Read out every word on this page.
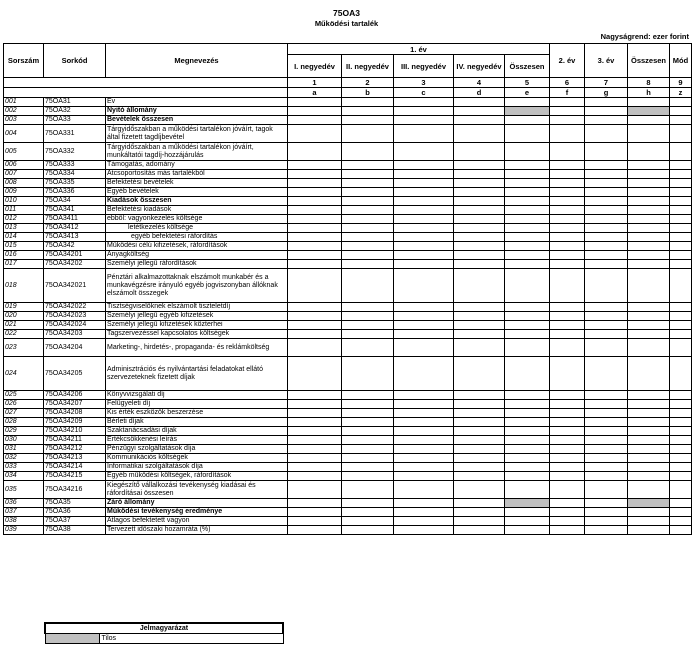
75OA3
Működési tartalék
Nagyságrend: ezer forint
Sorszám	Sorkód	Megnevezés	1. év					2. év	3. év	Összesen	Mód
			I. negyedév	II. negyedév	III. negyedév	IV. negyedév	Összesen				
			1	2	3	4	5	6	7	8	9
			a	b	c	d	e	f	g	h	z
001	75OA31	Év									
002	75OA32	Nyitó állomány									
003	75OA33	Bevételek összesen									
004	75OA331	Tárgyidőszakban a működési tartalékon jóváírt, tagok által fizetett tagdíjbevétel									
005	75OA332	Tárgyidőszakban a működési tartalékon jóváírt, munkáltatói tagdíj-hozzájárulás									
006	75OA333	Támogatás, adomány									
007	75OA334	Átcsoportosítás más tartalékból									
008	75OA335	Befektetési bevételek									
009	75OA336	Egyéb bevételek									
010	75OA34	Kiadások összesen									
011	75OA341	Befektetési kiadások									
012	75OA3411	ebből: vagyonkezelés költsége									
013	75OA3412	letétkezelés költsége									
014	75OA3413	egyéb befektetési ráfordítás									
015	75OA342	Működési célú kifizetések, ráfordítások									
016	75OA34201	Anyagköltség									
017	75OA34202	Személyi jellegű ráfordítások									
018	75OA342021	Pénztári alkalmazottaknak elszámolt munkabér és a munkavégzésre irányuló egyéb jogviszonyban állóknak elszámolt összegek									
019	75OA342022	Tisztségviselőknek elszámolt tiszteletdíj									
020	75OA342023	Személyi jellegű egyéb kifizetések									
021	75OA342024	Személyi jellegű kifizetések közterhei									
022	75OA34203	Tagszervezéssel kapcsolatos költségek									
023	75OA34204	Marketing-, hirdetés-, propaganda- és reklámköltség									
024	75OA34205	Adminisztrációs és nyilvántartási feladatokat ellátó szervezeteknek fizetett díjak									
025	75OA34206	Könyvvizsgálati díj									
026	75OA34207	Felügyeleti díj									
027	75OA34208	Kis érték eszközök beszerzése									
028	75OA34209	Bérleti díjak									
029	75OA34210	Szaktanácsadási díjak									
030	75OA34211	Értékcsökkenési leírás									
031	75OA34212	Pénzügyi szolgáltatások díja									
032	75OA34213	Kommunikációs költségek									
033	75OA34214	Informatikai szolgáltatások díja									
034	75OA34215	Egyéb működési költségek, ráfordítások									
035	75OA34216	Kiegészítő vállalkozási tevékenység kiadásai és ráfordításai összesen									
036	75OA35	Záró állomány									
037	75OA36	Működési tevékenység eredménye									
038	75OA37	Átlagos befektetett vagyon									
039	75OA38	Tervezett időszaki hozamráta (%)									
Jelmagyarázat
	Tilos
